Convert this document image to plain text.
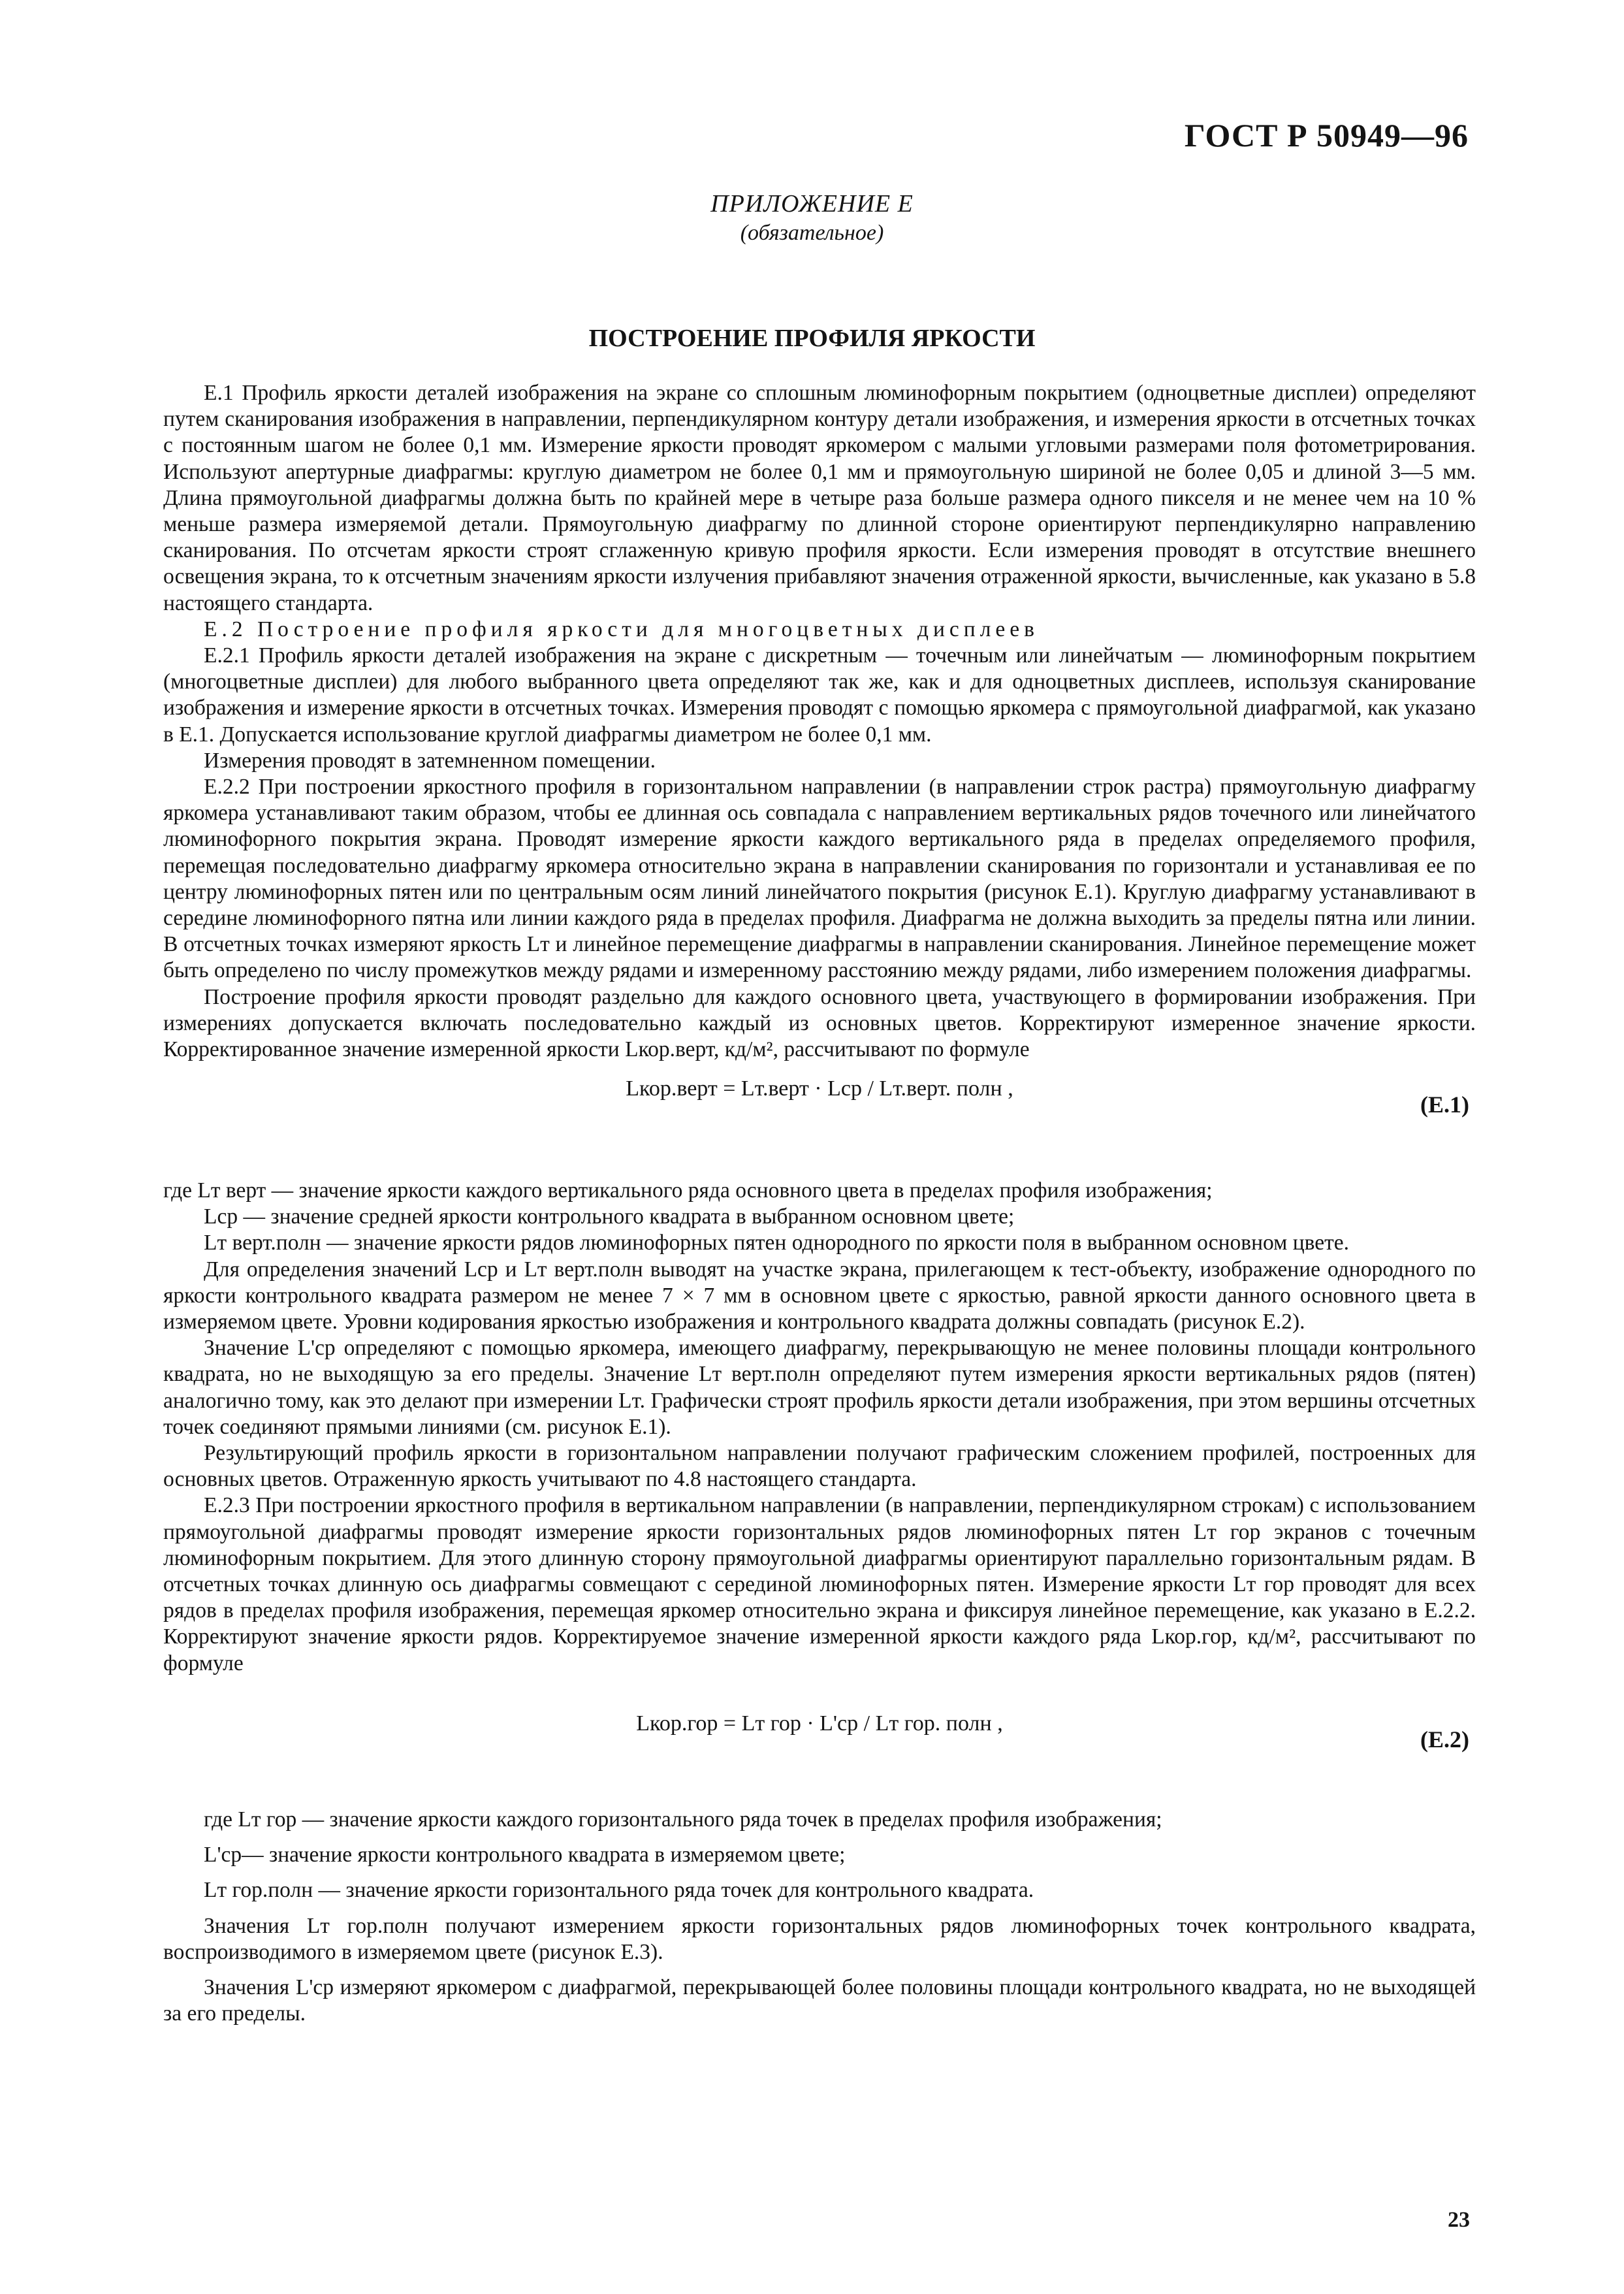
ГОСТ Р 50949—96
ПРИЛОЖЕНИЕ Е
(обязательное)
ПОСТРОЕНИЕ ПРОФИЛЯ ЯРКОСТИ

Е.1 Профиль яркости деталей изображения на экране со сплошным люминофорным покрытием (одноцветные дисплеи) определяют путем сканирования изображения в направлении, перпендикулярном контуру детали изображения, и измерения яркости в отсчетных точках с постоянным шагом не более 0,1 мм. Измерение яркости проводят яркомером с малыми угловыми размерами поля фотометрирования. Используют апертурные диафрагмы: круглую диаметром не более 0,1 мм и прямоугольную шириной не более 0,05 и длиной 3—5 мм. Длина прямоугольной диафрагмы должна быть по крайней мере в четыре раза больше размера одного пикселя и не менее чем на 10 % меньше размера измеряемой детали. Прямоугольную диафрагму по длинной стороне ориентируют перпендикулярно направлению сканирования. По отсчетам яркости строят сглаженную кривую профиля яркости. Если измерения проводят в отсутствие внешнего освещения экрана, то к отсчетным значениям яркости излучения прибавляют значения отраженной яркости, вычисленные, как указано в 5.8 настоящего стандарта.

Е.2 Построение профиля яркости для многоцветных дисплеев

Е.2.1 Профиль яркости деталей изображения на экране с дискретным — точечным или линейчатым — люминофорным покрытием (многоцветные дисплеи) для любого выбранного цвета определяют так же, как и для одноцветных дисплеев, используя сканирование изображения и измерение яркости в отсчетных точках. Измерения проводят с помощью яркомера с прямоугольной диафрагмой, как указано в Е.1. Допускается использование круглой диафрагмы диаметром не более 0,1 мм.

Измерения проводят в затемненном помещении.

Е.2.2 При построении яркостного профиля в горизонтальном направлении (в направлении строк растра) прямоугольную диафрагму яркомера устанавливают таким образом, чтобы ее длинная ось совпадала с направлением вертикальных рядов точечного или линейчатого люминофорного покрытия экрана. Проводят измерение яркости каждого вертикального ряда в пределах определяемого профиля, перемещая последовательно диафрагму яркомера относительно экрана в направлении сканирования по горизонтали и устанавливая ее по центру люминофорных пятен или по центральным осям линий линейчатого покрытия (рисунок Е.1). Круглую диафрагму устанавливают в середине люминофорного пятна или линии каждого ряда в пределах профиля. Диафрагма не должна выходить за пределы пятна или линии. В отсчетных точках измеряют яркость Lт и линейное перемещение диафрагмы в направлении сканирования. Линейное перемещение может быть определено по числу промежутков между рядами и измеренному расстоянию между рядами, либо измерением положения диафрагмы.

Построение профиля яркости проводят раздельно для каждого основного цвета, участвующего в формировании изображения. При измерениях допускается включать последовательно каждый из основных цветов. Корректируют измеренное значение яркости. Корректированное значение измеренной яркости Lкор.верт, кд/м², рассчитывают по формуле

Lкор.верт = Lт.верт · Lср / Lт.верт. полн ,
(Е.1)

где Lт верт — значение яркости каждого вертикального ряда основного цвета в пределах профиля изображения;

Lср — значение средней яркости контрольного квадрата в выбранном основном цвете;

Lт верт.полн — значение яркости рядов люминофорных пятен однородного по яркости поля в выбранном основном цвете.

Для определения значений Lср и Lт верт.полн выводят на участке экрана, прилегающем к тест-объекту, изображение однородного по яркости контрольного квадрата размером не менее 7 × 7 мм в основном цвете с яркостью, равной яркости данного основного цвета в измеряемом цвете. Уровни кодирования яркостью изображения и контрольного квадрата должны совпадать (рисунок Е.2).

Значение L'ср определяют с помощью яркомера, имеющего диафрагму, перекрывающую не менее половины площади контрольного квадрата, но не выходящую за его пределы. Значение Lт верт.полн определяют путем измерения яркости вертикальных рядов (пятен) аналогично тому, как это делают при измерении Lт. Графически строят профиль яркости детали изображения, при этом вершины отсчетных точек соединяют прямыми линиями (см. рисунок Е.1).

Результирующий профиль яркости в горизонтальном направлении получают графическим сложением профилей, построенных для основных цветов. Отраженную яркость учитывают по 4.8 настоящего стандарта.

Е.2.3 При построении яркостного профиля в вертикальном направлении (в направлении, перпендикулярном строкам) с использованием прямоугольной диафрагмы проводят измерение яркости горизонтальных рядов люминофорных пятен Lт гор экранов с точечным люминофорным покрытием. Для этого длинную сторону прямоугольной диафрагмы ориентируют параллельно горизонтальным рядам. В отсчетных точках длинную ось диафрагмы совмещают с серединой люминофорных пятен. Измерение яркости Lт гор проводят для всех рядов в пределах профиля изображения, перемещая яркомер относительно экрана и фиксируя линейное перемещение, как указано в Е.2.2. Корректируют значение яркости рядов. Корректируемое значение измеренной яркости каждого ряда Lкор.гор, кд/м², рассчитывают по формуле

Lкор.гор = Lт гор · L'ср / Lт гор. полн ,
(Е.2)

где Lт гор — значение яркости каждого горизонтального ряда точек в пределах профиля изображения;

L'ср— значение яркости контрольного квадрата в измеряемом цвете;

Lт гор.полн — значение яркости горизонтального ряда точек для контрольного квадрата.

Значения Lт гор.полн получают измерением яркости горизонтальных рядов люминофорных точек контрольного квадрата, воспроизводимого в измеряемом цвете (рисунок Е.3).

Значения L'ср измеряют яркомером с диафрагмой, перекрывающей более половины площади контрольного квадрата, но не выходящей за его пределы.

23
